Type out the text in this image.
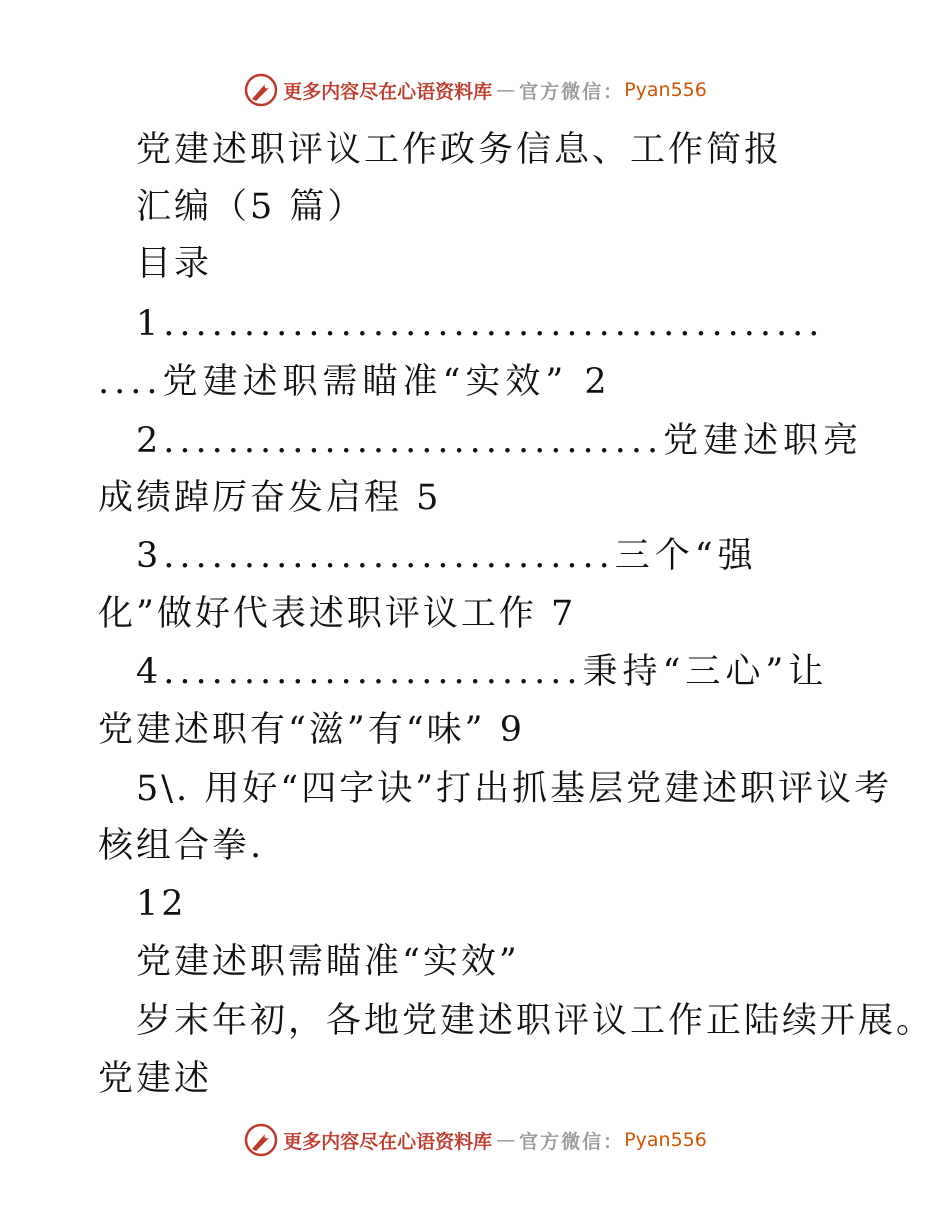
更多内容尽在心语资料库 — 官方微信： Pyan556
党建述职评议工作政务信息、工作简报
汇编（5 篇）
目录
1.........................................
....党建述职需瞄准“实效” 2
2...............................党建述职亮
成绩踔厉奋发启程 5
3............................三个“强
化”做好代表述职评议工作 7
4..........................秉持“三心”让
党建述职有“滋”有“味” 9
5\. 用好“四字诀”打出抓基层党建述职评议考
核组合拳.
12
党建述职需瞄准“实效”
岁末年初，各地党建述职评议工作正陆续开展。
党建述
更多内容尽在心语资料库 — 官方微信： Pyan556
